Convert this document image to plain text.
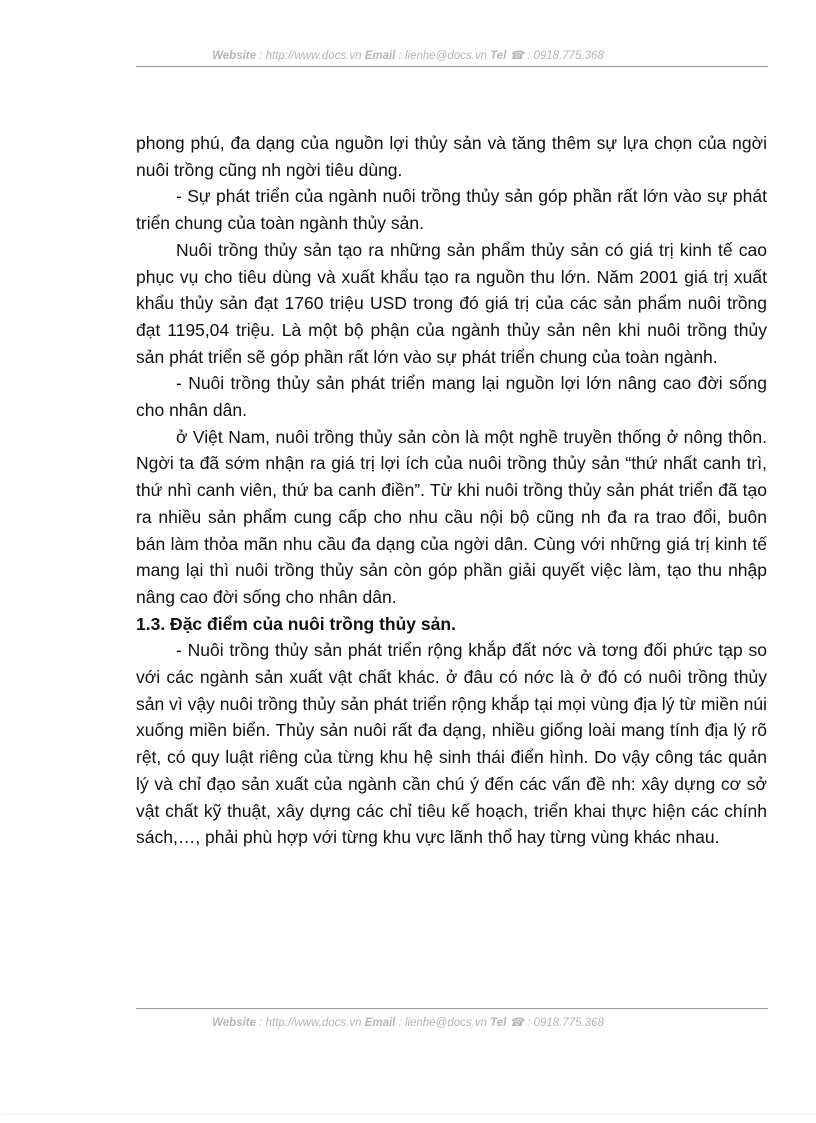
Website : http://www.docs.vn Email : lienhe@docs.vn Tel ☎ : 0918.775.368

phong phú, đa dạng của nguồn lợi thủy sản và tăng thêm sự lựa chọn của ngời nuôi trồng cũng nh ngời tiêu dùng.

- Sự phát triển của ngành nuôi trồng thủy sản góp phần rất lớn vào sự phát triển chung của toàn ngành thủy sản.

Nuôi trồng thủy sản tạo ra những sản phẩm thủy sản có giá trị kinh tế cao phục vụ cho tiêu dùng và xuất khẩu tạo ra nguồn thu lớn. Năm 2001 giá trị xuất khẩu thủy sản đạt 1760 triệu USD trong đó giá trị của các sản phẩm nuôi trồng đạt 1195,04 triệu. Là một bộ phận của ngành thủy sản nên khi nuôi trồng thủy sản phát triển sẽ góp phần rất lớn vào sự phát triển chung của toàn ngành.

- Nuôi trồng thủy sản phát triển mang lại nguồn lợi lớn nâng cao đời sống cho nhân dân.

ở Việt Nam, nuôi trồng thủy sản còn là một nghề truyền thống ở nông thôn. Ngời ta đã sớm nhận ra giá trị lợi ích của nuôi trồng thủy sản “thứ nhất canh trì, thứ nhì canh viên, thứ ba canh điền”. Từ khi nuôi trồng thủy sản phát triển đã tạo ra nhiều sản phẩm cung cấp cho nhu cầu nội bộ cũng nh đa ra trao đổi, buôn bán làm thỏa mãn nhu cầu đa dạng của ngời dân. Cùng với những giá trị kinh tế mang lại thì nuôi trồng thủy sản còn góp phần giải quyết việc làm, tạo thu nhập nâng cao đời sống cho nhân dân.

1.3. Đặc điểm của nuôi trồng thủy sản.

- Nuôi trồng thủy sản phát triển rộng khắp đất nớc và tơng đối phức tạp so với các ngành sản xuất vật chất khác. ở đâu có nớc là ở đó có nuôi trồng thủy sản vì vậy nuôi trồng thủy sản phát triển rộng khắp tại mọi vùng địa lý từ miền núi xuống miền biển. Thủy sản nuôi rất đa dạng, nhiều giống loài mang tính địa lý rõ rệt, có quy luật riêng của từng khu hệ sinh thái điển hình. Do vậy công tác quản lý và chỉ đạo sản xuất của ngành cần chú ý đến các vấn đề nh: xây dựng cơ sở vật chất kỹ thuật, xây dựng các chỉ tiêu kế hoạch, triển khai thực hiện các chính sách,…, phải phù hợp với từng khu vực lãnh thổ hay từng vùng khác nhau.

Website : http://www.docs.vn Email : lienhe@docs.vn Tel ☎ : 0918.775.368
